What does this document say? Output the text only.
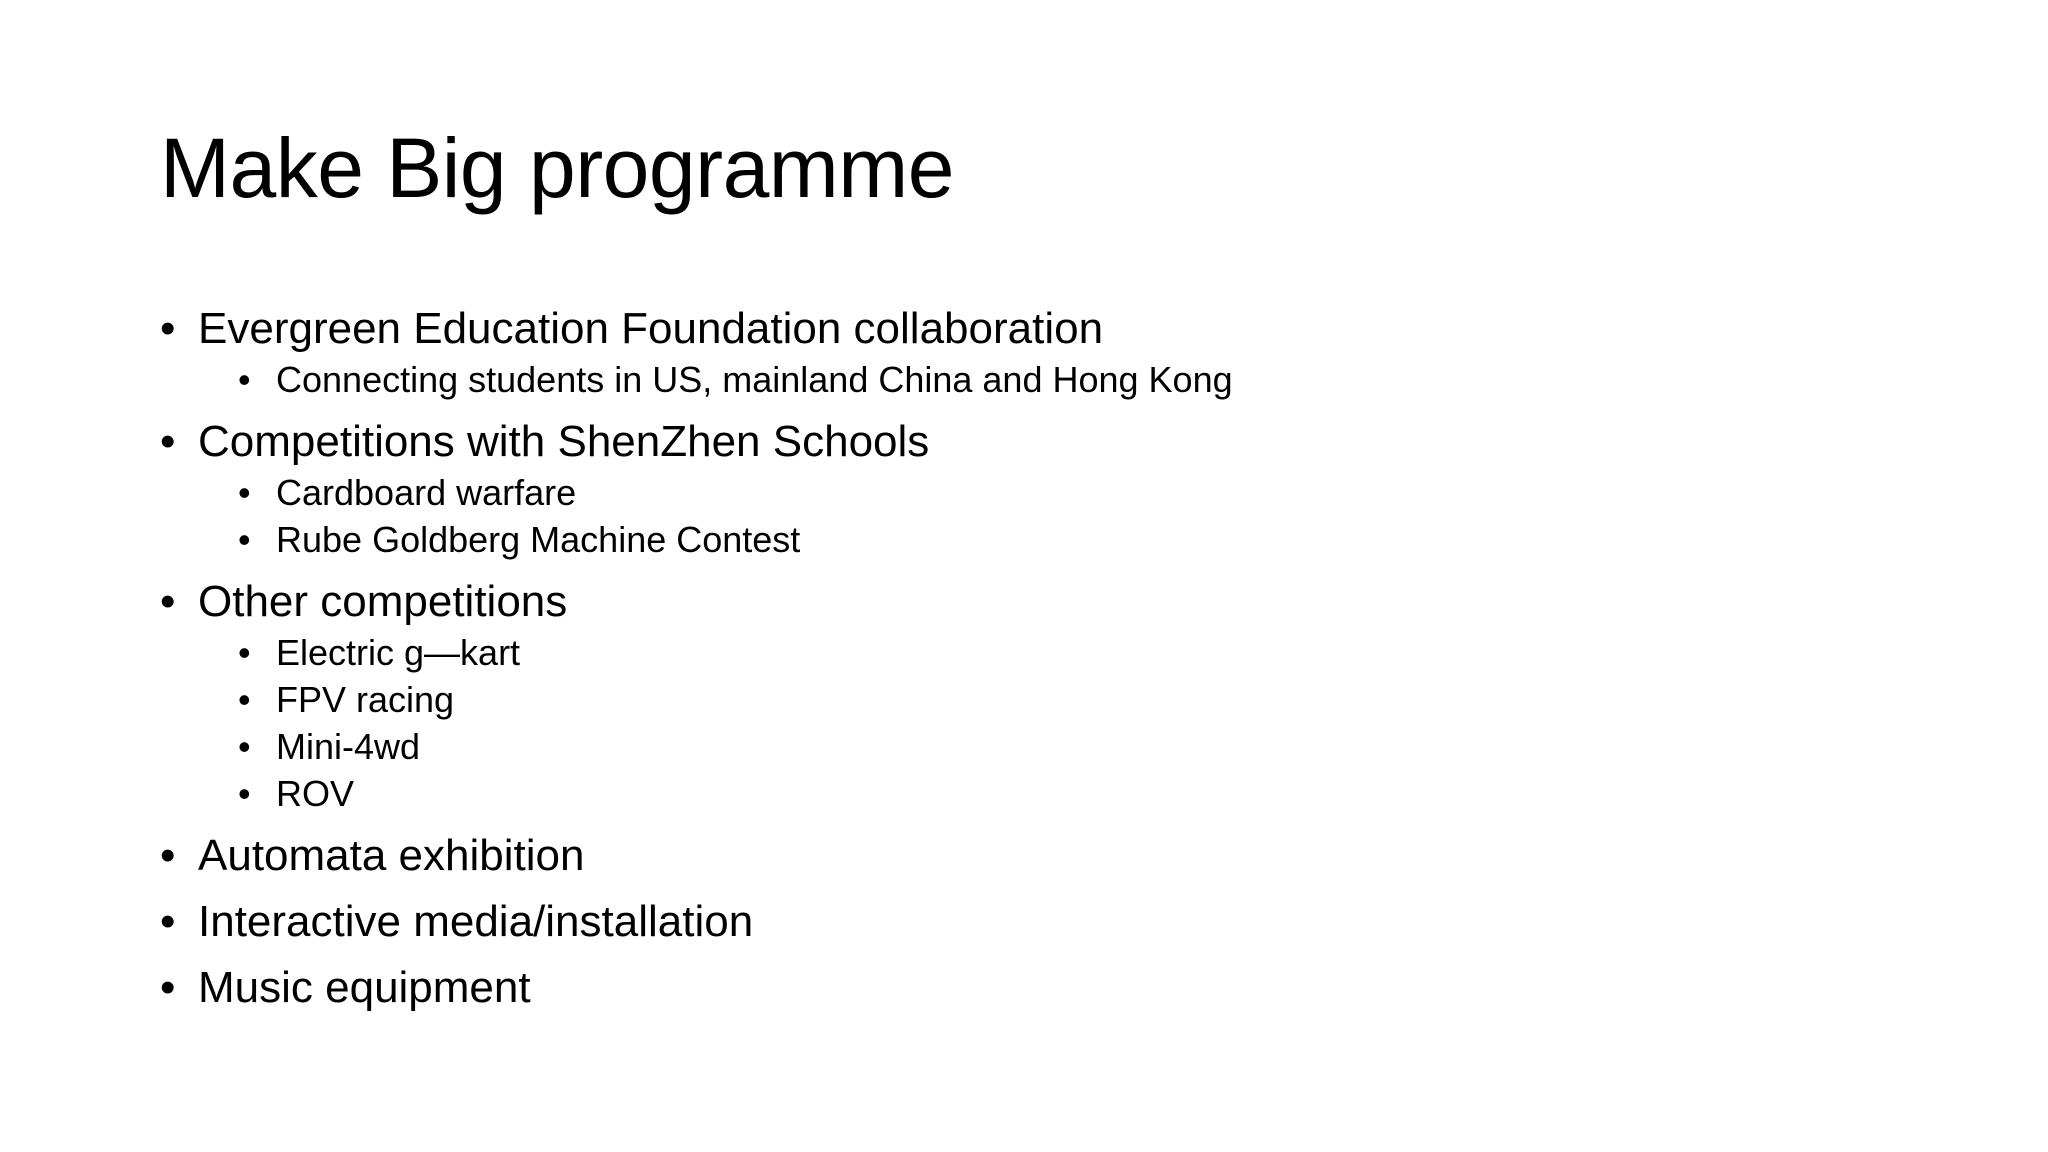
Make Big programme
• Evergreen Education Foundation collaboration
• Connecting students in US, mainland China and Hong Kong
• Competitions with ShenZhen Schools
• Cardboard warfare
• Rube Goldberg Machine Contest
• Other competitions
• Electric g—kart
• FPV racing
• Mini-4wd
• ROV
• Automata exhibition
• Interactive media/installation
• Music equipment
